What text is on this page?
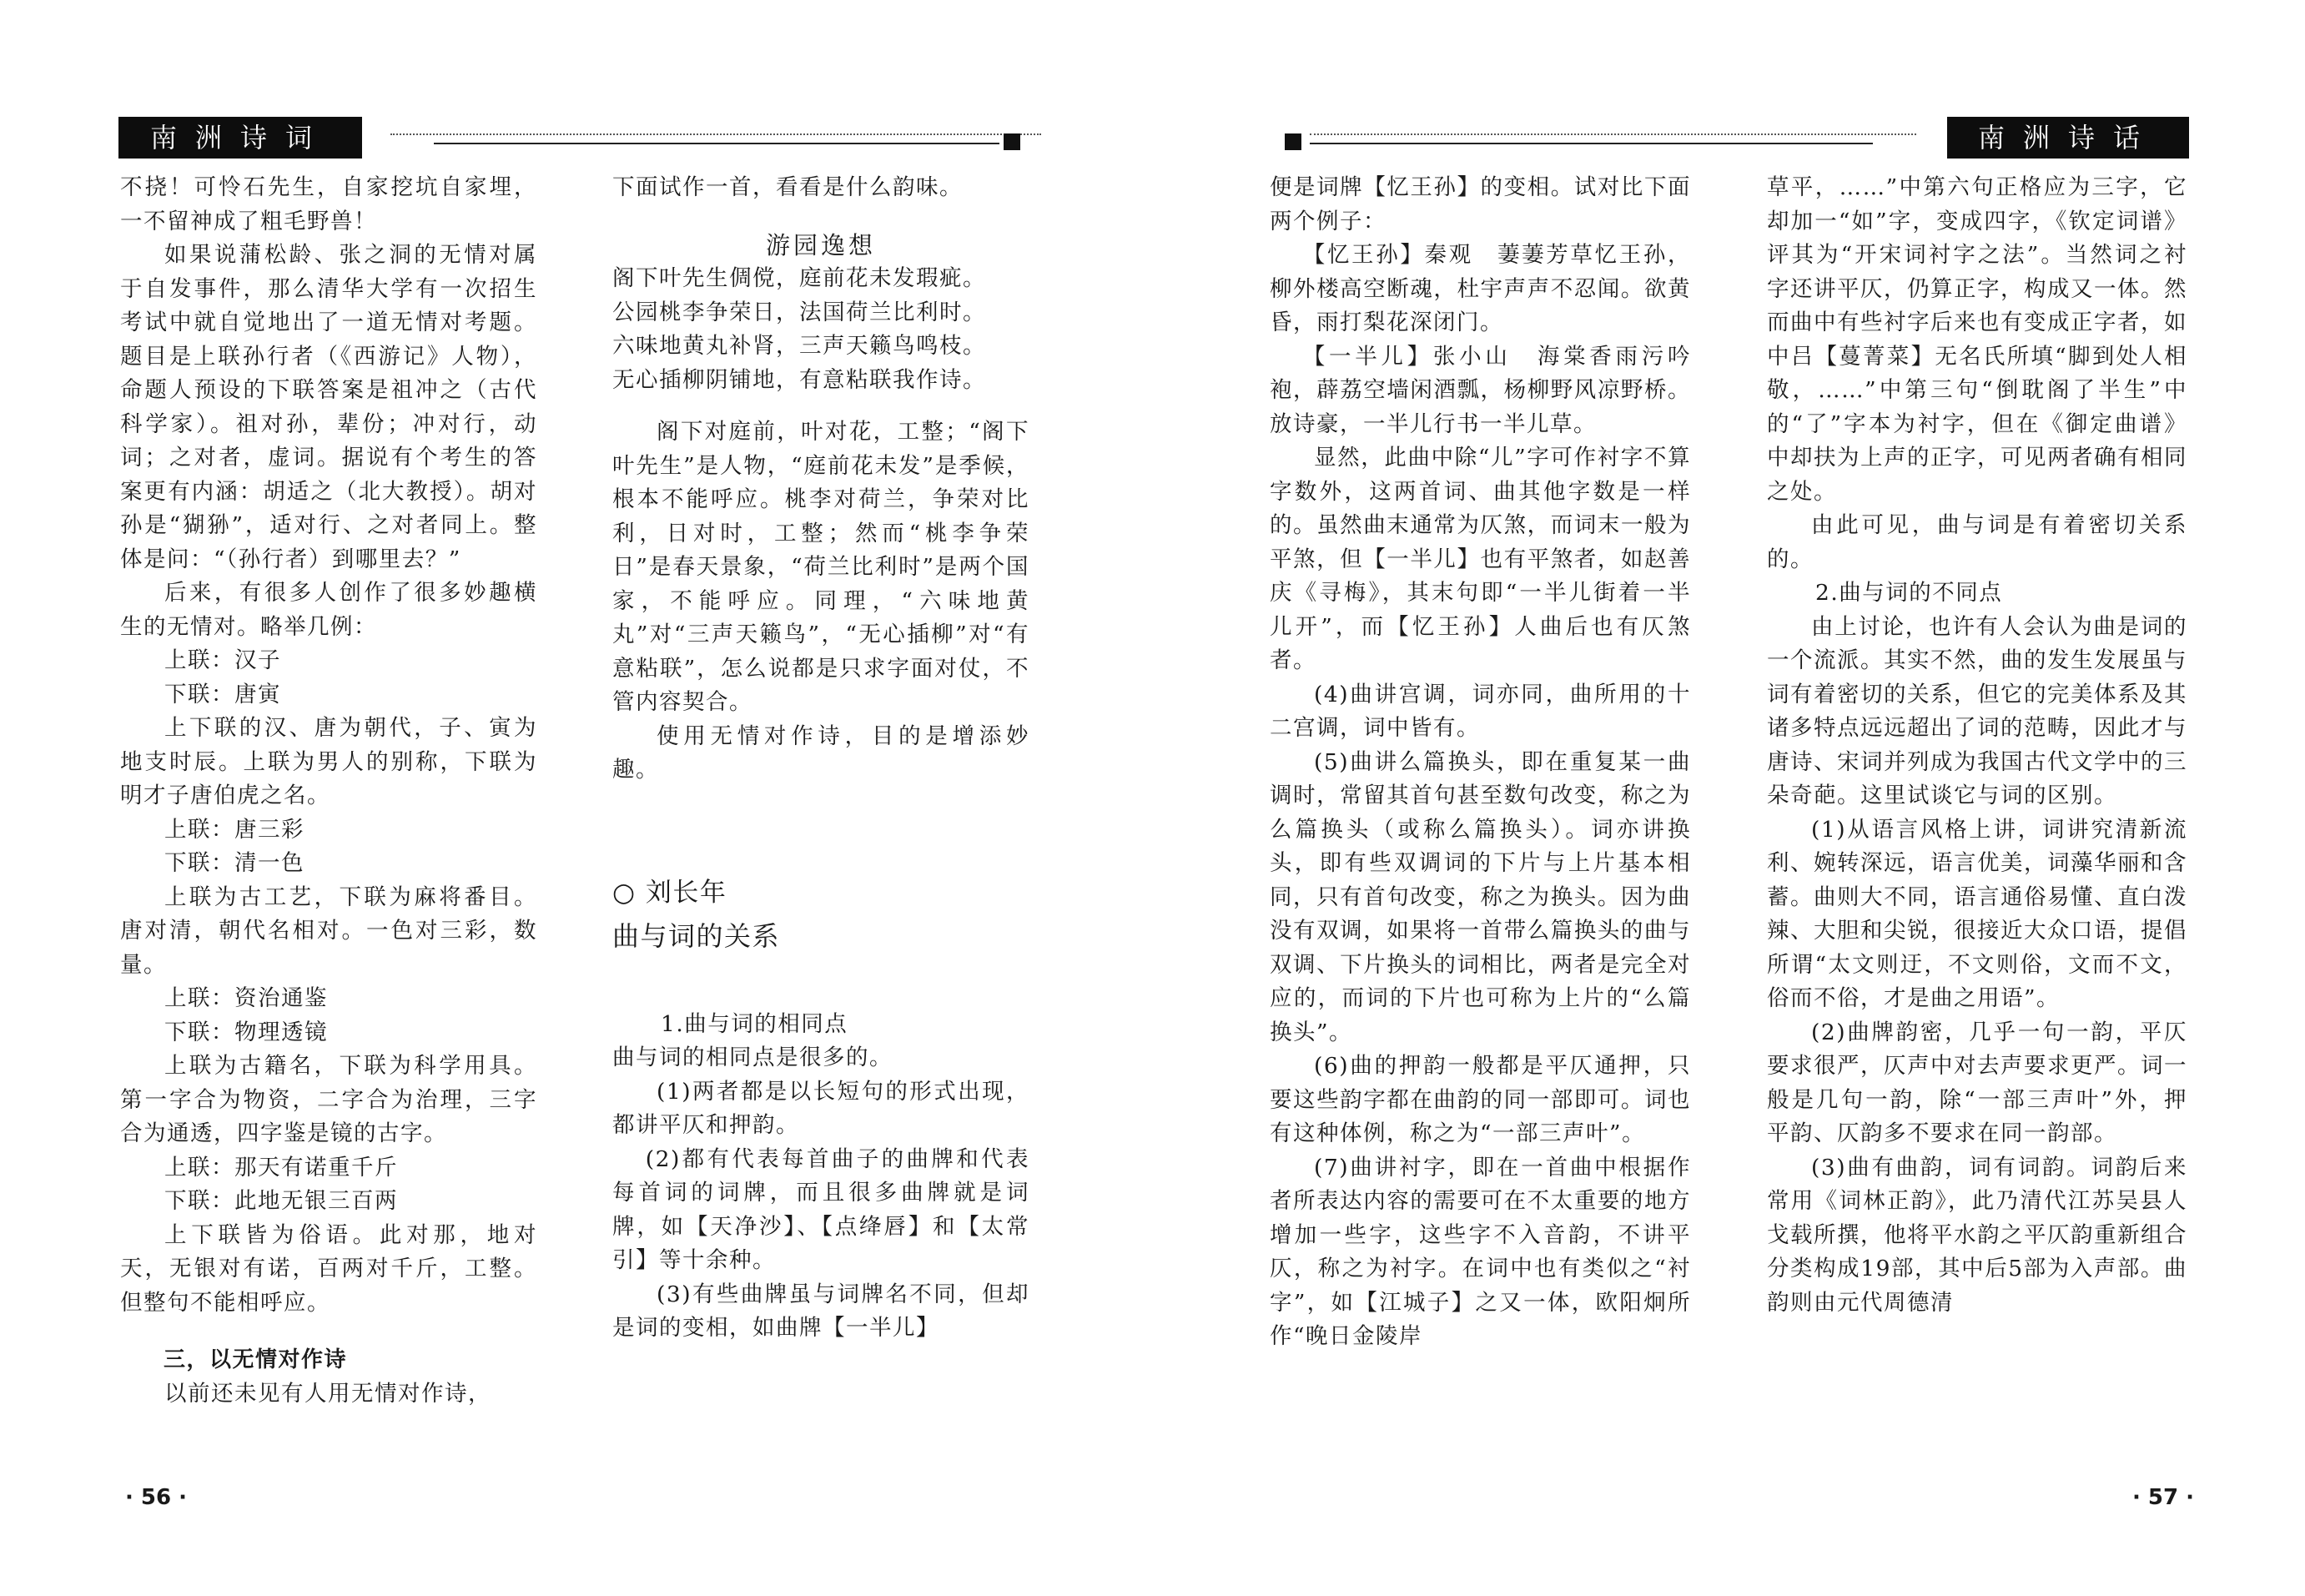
南洲诗词	南洲诗话

不挠！可怜石先生，自家挖坑自家埋，一不留神成了粗毛野兽！

如果说蒲松龄、张之洞的无情对属于自发事件，那么清华大学有一次招生考试中就自觉地出了一道无情对考题。题目是上联孙行者（《西游记》人物），命题人预设的下联答案是祖冲之（古代科学家）。祖对孙，辈份；冲对行，动词；之对者，虚词。据说有个考生的答案更有内涵：胡适之（北大教授）。胡对孙是“猢狲”，适对行、之对者同上。整体是问：“（孙行者）到哪里去？”

后来，有很多人创作了很多妙趣横生的无情对。略举几例：

上联：汉子

下联：唐寅

上下联的汉、唐为朝代，子、寅为地支时辰。上联为男人的别称，下联为明才子唐伯虎之名。

上联：唐三彩

下联：清一色

上联为古工艺，下联为麻将番目。唐对清，朝代名相对。一色对三彩，数量。

上联：资治通鉴

下联：物理透镜

上联为古籍名，下联为科学用具。第一字合为物资，二字合为治理，三字合为通透，四字鉴是镜的古字。

上联：那天有诺重千斤

下联：此地无银三百两

上下联皆为俗语。此对那，地对天，无银对有诺，百两对千斤，工整。但整句不能相呼应。

三，以无情对作诗

以前还未见有人用无情对作诗，

下面试作一首，看看是什么韵味。

游园逸想

阁下叶先生倜傥，庭前花未发瑕疵。

公园桃李争荣日，法国荷兰比利时。

六味地黄丸补肾，三声天籁鸟鸣枝。

无心插柳阴铺地，有意粘联我作诗。

阁下对庭前，叶对花，工整；“阁下叶先生”是人物，“庭前花未发”是季候，根本不能呼应。桃李对荷兰，争荣对比利，日对时，工整；然而“桃李争荣日”是春天景象，“荷兰比利时”是两个国家，不能呼应。同理，“六味地黄丸”对“三声天籁鸟”，“无心插柳”对“有意粘联”，怎么说都是只求字面对仗，不管内容契合。

使用无情对作诗，目的是增添妙趣。

○ 刘长年

曲与词的关系

1.曲与词的相同点

曲与词的相同点是很多的。

(1)两者都是以长短句的形式出现，都讲平仄和押韵。

(2)都有代表每首曲子的曲牌和代表每首词的词牌，而且很多曲牌就是词牌，如【天净沙】、【点绛唇】和【太常引】等十余种。

(3)有些曲牌虽与词牌名不同，但却是词的变相，如曲牌【一半儿】

便是词牌【忆王孙】的变相。试对比下面两个例子：

【忆王孙】秦观　萋萋芳草忆王孙，柳外楼高空断魂，杜宇声声不忍闻。欲黄昏，雨打梨花深闭门。

【一半儿】张小山　海棠香雨污吟袍，薜荔空墙闲酒瓢，杨柳野风凉野桥。放诗豪，一半儿行书一半儿草。

显然，此曲中除“儿”字可作衬字不算字数外，这两首词、曲其他字数是一样的。虽然曲末通常为仄煞，而词末一般为平煞，但【一半儿】也有平煞者，如赵善庆《寻梅》，其末句即“一半儿街着一半儿开”，而【忆王孙】人曲后也有仄煞者。

(4)曲讲宫调，词亦同，曲所用的十二宫调，词中皆有。

(5)曲讲么篇换头，即在重复某一曲调时，常留其首句甚至数句改变，称之为么篇换头（或称么篇换头）。词亦讲换头，即有些双调词的下片与上片基本相同，只有首句改变，称之为换头。因为曲没有双调，如果将一首带么篇换头的曲与双调、下片换头的词相比，两者是完全对应的，而词的下片也可称为上片的“么篇换头”。

(6)曲的押韵一般都是平仄通押，只要这些韵字都在曲韵的同一部即可。词也有这种体例，称之为“一部三声叶”。

(7)曲讲衬字，即在一首曲中根据作者所表达内容的需要可在不太重要的地方增加一些字，这些字不入音韵，不讲平仄，称之为衬字。在词中也有类似之“衬字”，如【江城子】之又一体，欧阳炯所作“晚日金陵岸

草平，……”中第六句正格应为三字，它却加一“如”字，变成四字，《钦定词谱》评其为“开宋词衬字之法”。当然词之衬字还讲平仄，仍算正字，构成又一体。然而曲中有些衬字后来也有变成正字者，如中吕【蔓菁菜】无名氏所填“脚到处人相敬，……”中第三句“倒耽阁了半生”中的“了”字本为衬字，但在《御定曲谱》中却扶为上声的正字，可见两者确有相同之处。

由此可见，曲与词是有着密切关系的。

2.曲与词的不同点

由上讨论，也许有人会认为曲是词的一个流派。其实不然，曲的发生发展虽与词有着密切的关系，但它的完美体系及其诸多特点远远超出了词的范畴，因此才与唐诗、宋词并列成为我国古代文学中的三朵奇葩。这里试谈它与词的区别。

(1)从语言风格上讲，词讲究清新流利、婉转深远，语言优美，词藻华丽和含蓄。曲则大不同，语言通俗易懂、直白泼辣、大胆和尖锐，很接近大众口语，提倡所谓“太文则迂，不文则俗，文而不文，俗而不俗，才是曲之用语”。

(2)曲牌韵密，几乎一句一韵，平仄要求很严，仄声中对去声要求更严。词一般是几句一韵，除“一部三声叶”外，押平韵、仄韵多不要求在同一韵部。

(3)曲有曲韵，词有词韵。词韵后来常用《词林正韵》，此乃清代江苏吴县人戈载所撰，他将平水韵之平仄韵重新组合分类构成19部，其中后5部为入声部。曲韵则由元代周德清

· 56 ·	· 57 ·
